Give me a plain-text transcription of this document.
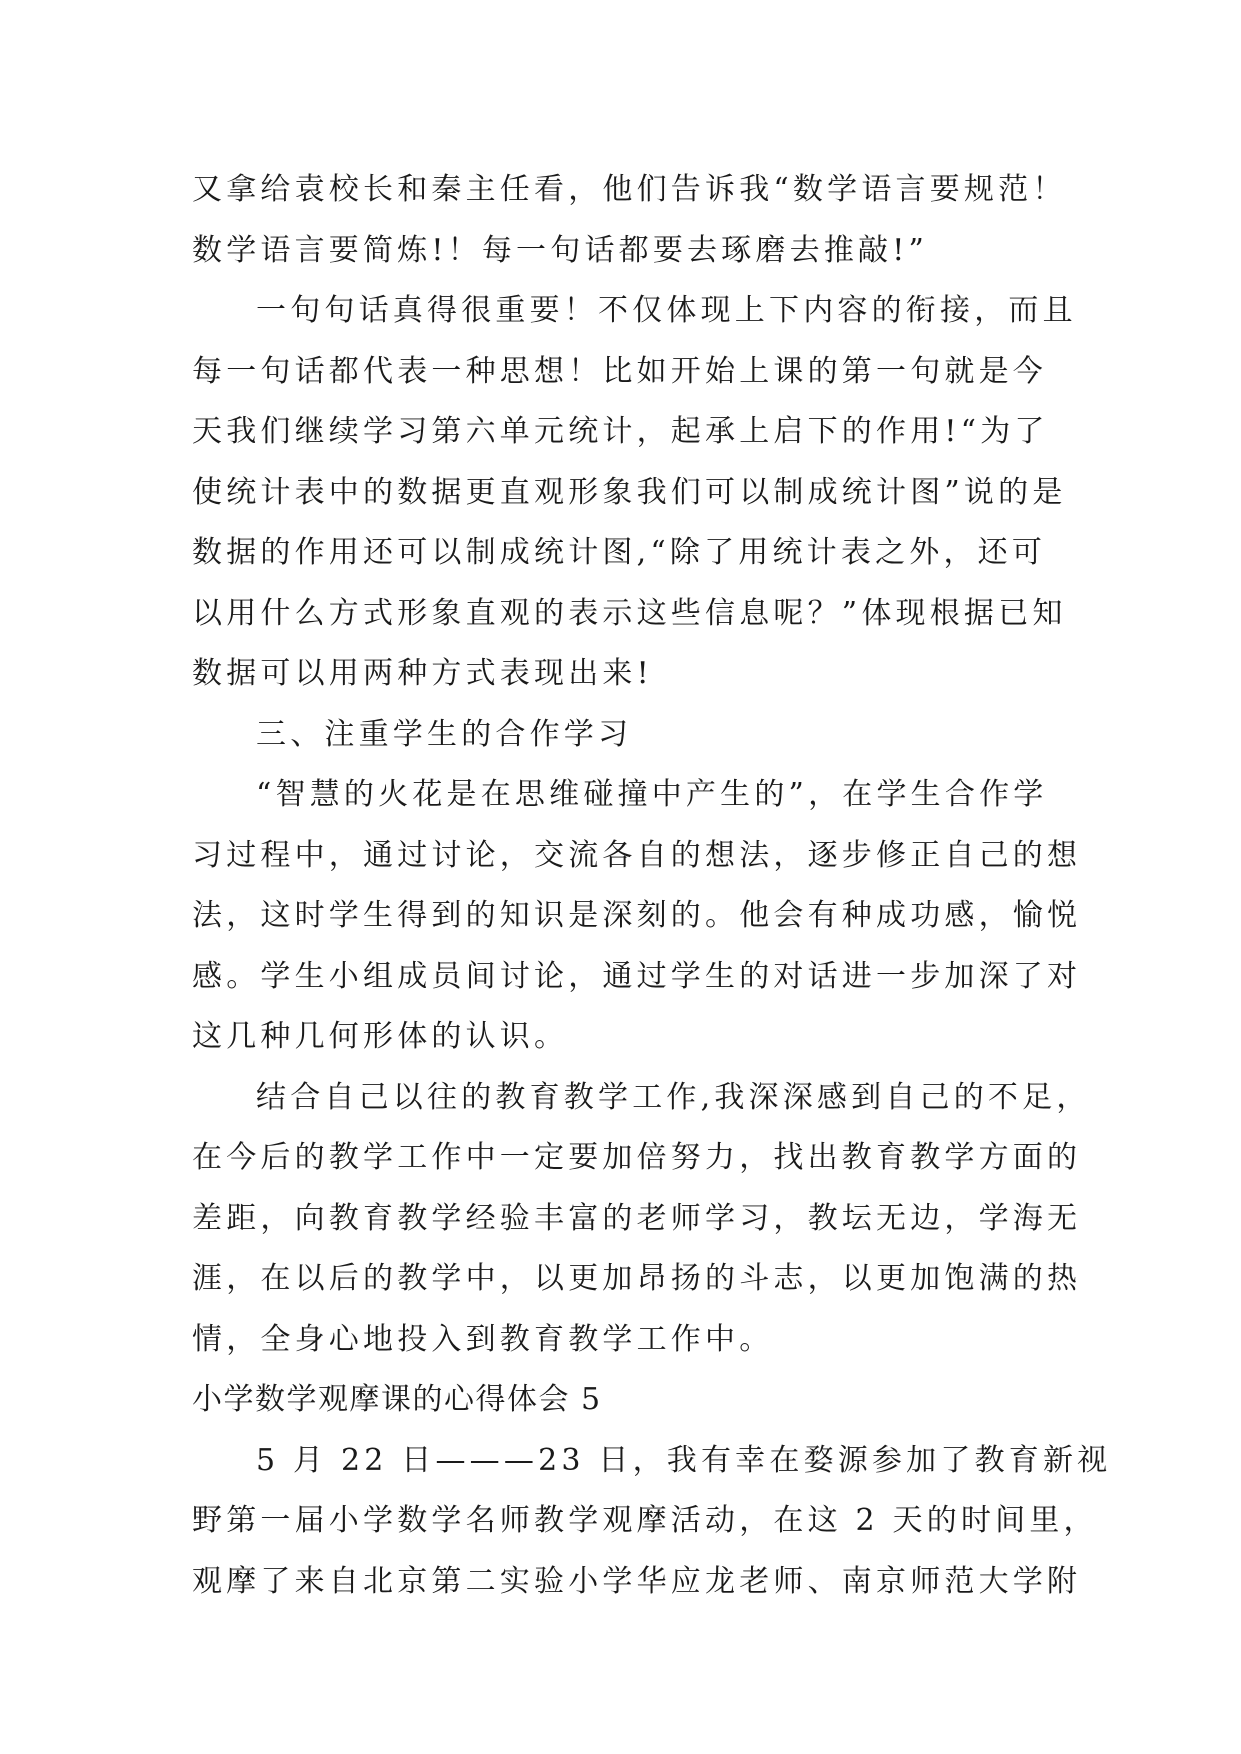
又拿给袁校长和秦主任看，他们告诉我“数学语言要规范！
数学语言要简炼!！每一句话都要去琢磨去推敲!”
一句句话真得很重要！不仅体现上下内容的衔接，而且
每一句话都代表一种思想！比如开始上课的第一句就是今
天我们继续学习第六单元统计，起承上启下的作用!“为了
使统计表中的数据更直观形象我们可以制成统计图”说的是
数据的作用还可以制成统计图,“除了用统计表之外，还可
以用什么方式形象直观的表示这些信息呢？”体现根据已知
数据可以用两种方式表现出来!
三、注重学生的合作学习
“智慧的火花是在思维碰撞中产生的”，在学生合作学
习过程中，通过讨论，交流各自的想法，逐步修正自己的想
法，这时学生得到的知识是深刻的。他会有种成功感，愉悦
感。学生小组成员间讨论，通过学生的对话进一步加深了对
这几种几何形体的认识。
结合自己以往的教育教学工作,我深深感到自己的不足，
在今后的教学工作中一定要加倍努力，找出教育教学方面的
差距，向教育教学经验丰富的老师学习，教坛无边，学海无
涯，在以后的教学中，以更加昂扬的斗志，以更加饱满的热
情，全身心地投入到教育教学工作中。
小学数学观摩课的心得体会 5
5 月 22 日———23 日，我有幸在婺源参加了教育新视
野第一届小学数学名师教学观摩活动，在这 2 天的时间里，
观摩了来自北京第二实验小学华应龙老师、南京师范大学附
